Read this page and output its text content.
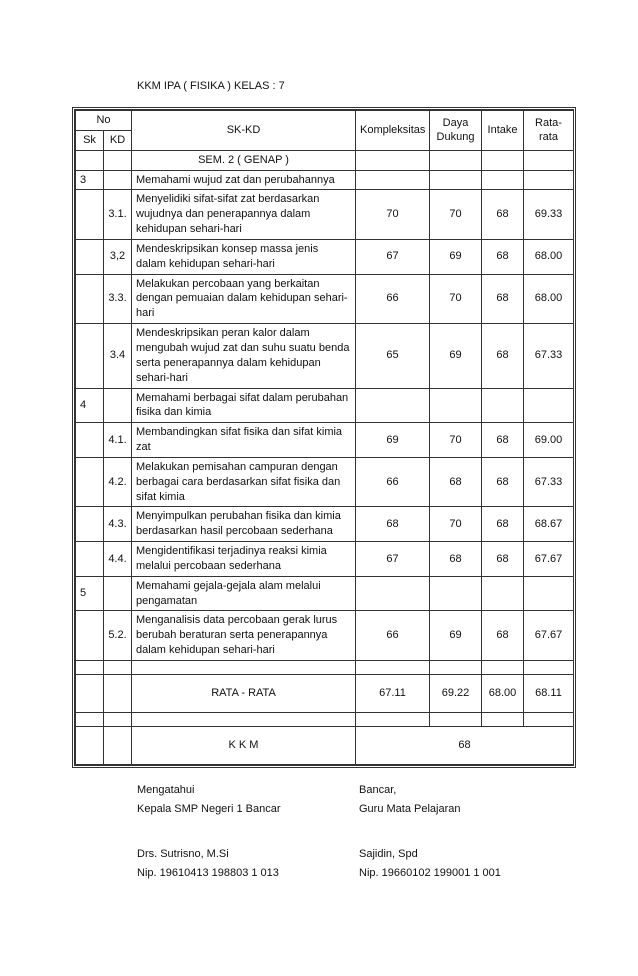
KKM IPA ( FISIKA ) KELAS : 7
No		SK-KD	Kompleksitas	Daya Dukung	Intake	Rata-rata
Sk	KD					
		SEM. 2 ( GENAP )				
3		Memahami wujud zat dan perubahannya				
	3.1.	Menyelidiki sifat-sifat zat berdasarkan wujudnya dan penerapannya dalam kehidupan sehari-hari	70	70	68	69.33
	3,2	Mendeskripsikan konsep massa jenis dalam kehidupan sehari-hari	67	69	68	68.00
	3.3.	Melakukan percobaan yang berkaitan dengan pemuaian dalam kehidupan sehari-hari	66	70	68	68.00
	3.4	Mendeskripsikan peran kalor dalam mengubah wujud zat dan suhu suatu benda serta penerapannya dalam kehidupan sehari-hari	65	69	68	67.33
4		Memahami berbagai sifat dalam perubahan fisika dan kimia				
	4.1.	Membandingkan sifat fisika dan sifat kimia zat	69	70	68	69.00
	4.2.	Melakukan pemisahan campuran dengan berbagai cara berdasarkan sifat fisika dan sifat kimia	66	68	68	67.33
	4.3.	Menyimpulkan perubahan fisika dan kimia berdasarkan hasil percobaan sederhana	68	70	68	68.67
	4.4.	Mengidentifikasi terjadinya reaksi kimia melalui percobaan sederhana	67	68	68	67.67
5		Memahami gejala-gejala alam melalui pengamatan				
	5.2.	Menganalisis data percobaan gerak lurus berubah beraturan serta penerapannya dalam kehidupan sehari-hari	66	69	68	67.67

		RATA - RATA	67.11	69.22	68.00	68.11

		K K M	68			
Mengatahui
Kepala SMP Negeri 1 Bancar
Drs. Sutrisno, M.Si
Nip. 19610413 198803 1 013
Bancar,
Guru Mata Pelajaran
Sajidin, Spd
Nip. 19660102 199001 1 001
